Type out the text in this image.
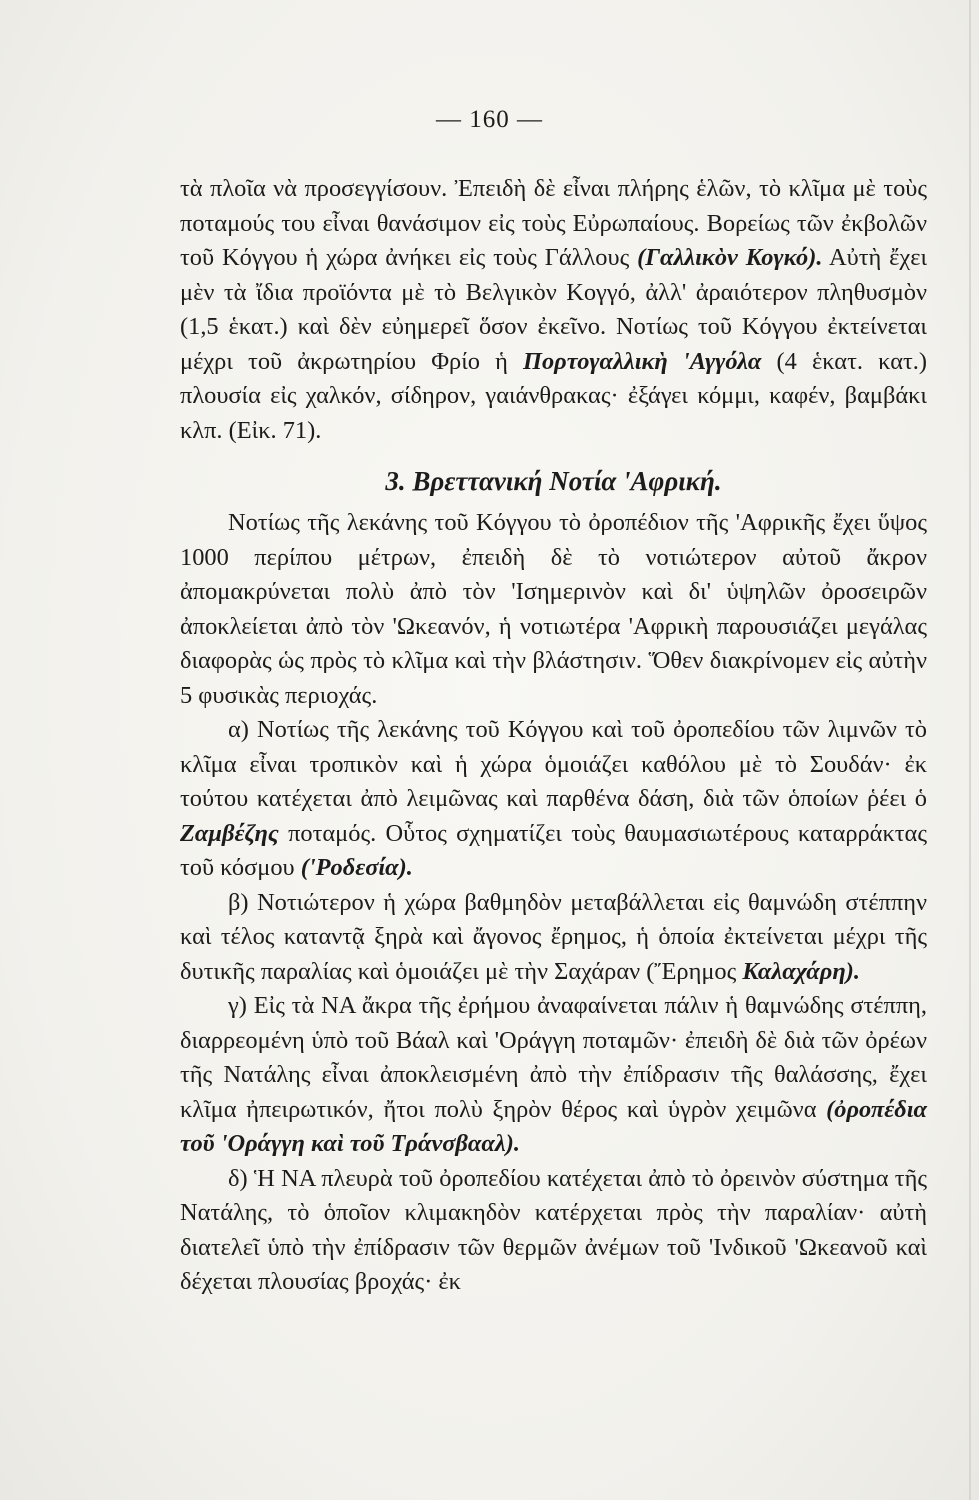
— 160 —

τὰ πλοῖα νὰ προσεγγίσουν. Ἐπειδὴ δὲ εἶναι πλήρης ἑλῶν, τὸ κλῖμα μὲ τοὺς ποταμούς του εἶναι θανάσιμον εἰς τοὺς Εὐρωπαίους. Βορείως τῶν ἐκβολῶν τοῦ Κόγγου ἡ χώρα ἀνήκει εἰς τοὺς Γάλλους (Γαλλικὸν Κογκό). Αὐτὴ ἔχει μὲν τὰ ἴδια προϊόντα μὲ τὸ Βελγικὸν Κογγό, ἀλλ' ἀραιότερον πληθυσμὸν (1,5 ἑκατ.) καὶ δὲν εὐημερεῖ ὅσον ἐκεῖνο. Νοτίως τοῦ Κόγγου ἐκτείνεται μέχρι τοῦ ἀκρωτηρίου Φρίο ἡ Πορτογαλλικὴ 'Αγγόλα (4 ἑκατ. κατ.) πλουσία εἰς χαλκόν, σίδηρον, γαιάνθρακας· ἐξάγει κόμμι, καφέν, βαμβάκι κλπ. (Εἰκ. 71).

3. Βρεττανική Νοτία 'Αφρική.

Νοτίως τῆς λεκάνης τοῦ Κόγγου τὸ ὀροπέδιον τῆς 'Αφρικῆς ἔχει ὕψος 1000 περίπου μέτρων, ἐπειδὴ δὲ τὸ νοτιώτερον αὐτοῦ ἄκρον ἀπομακρύνεται πολὺ ἀπὸ τὸν 'Ισημερινὸν καὶ δι' ὑψηλῶν ὀροσειρῶν ἀποκλείεται ἀπὸ τὸν 'Ωκεανόν, ἡ νοτιωτέρα 'Αφρικὴ παρουσιάζει μεγάλας διαφορὰς ὡς πρὸς τὸ κλῖμα καὶ τὴν βλάστησιν. Ὅθεν διακρίνομεν εἰς αὐτὴν 5 φυσικὰς περιοχάς.

α) Νοτίως τῆς λεκάνης τοῦ Κόγγου καὶ τοῦ ὀροπεδίου τῶν λιμνῶν τὸ κλῖμα εἶναι τροπικὸν καὶ ἡ χώρα ὁμοιάζει καθόλου μὲ τὸ Σουδάν· ἐκ τούτου κατέχεται ἀπὸ λειμῶνας καὶ παρθένα δάση, διὰ τῶν ὁποίων ῥέει ὁ Ζαμβέζης ποταμός. Οὗτος σχηματίζει τοὺς θαυμασιωτέρους καταρράκτας τοῦ κόσμου ('Ροδεσία).

β) Νοτιώτερον ἡ χώρα βαθμηδὸν μεταβάλλεται εἰς θαμνώδη στέππην καὶ τέλος καταντᾷ ξηρὰ καὶ ἄγονος ἔρημος, ἡ ὁποία ἐκτείνεται μέχρι τῆς δυτικῆς παραλίας καὶ ὁμοιάζει μὲ τὴν Σαχάραν (Ἔρημος Καλαχάρη).

γ) Εἰς τὰ ΝΑ ἄκρα τῆς ἐρήμου ἀναφαίνεται πάλιν ἡ θαμνώδης στέππη, διαρρεομένη ὑπὸ τοῦ Βάαλ καὶ 'Οράγγη ποταμῶν· ἐπειδὴ δὲ διὰ τῶν ὀρέων τῆς Νατάλης εἶναι ἀποκλεισμένη ἀπὸ τὴν ἐπίδρασιν τῆς θαλάσσης, ἔχει κλῖμα ἠπειρωτικόν, ἤτοι πολὺ ξηρὸν θέρος καὶ ὑγρὸν χειμῶνα (ὀροπέδια τοῦ 'Οράγγη καὶ τοῦ Τράνσβααλ).

δ) Ἡ ΝΑ πλευρὰ τοῦ ὀροπεδίου κατέχεται ἀπὸ τὸ ὀρεινὸν σύστημα τῆς Νατάλης, τὸ ὁποῖον κλιμακηδὸν κατέρχεται πρὸς τὴν παραλίαν· αὐτὴ διατελεῖ ὑπὸ τὴν ἐπίδρασιν τῶν θερμῶν ἀνέμων τοῦ 'Ινδικοῦ 'Ωκεανοῦ καὶ δέχεται πλουσίας βροχάς· ἐκ
